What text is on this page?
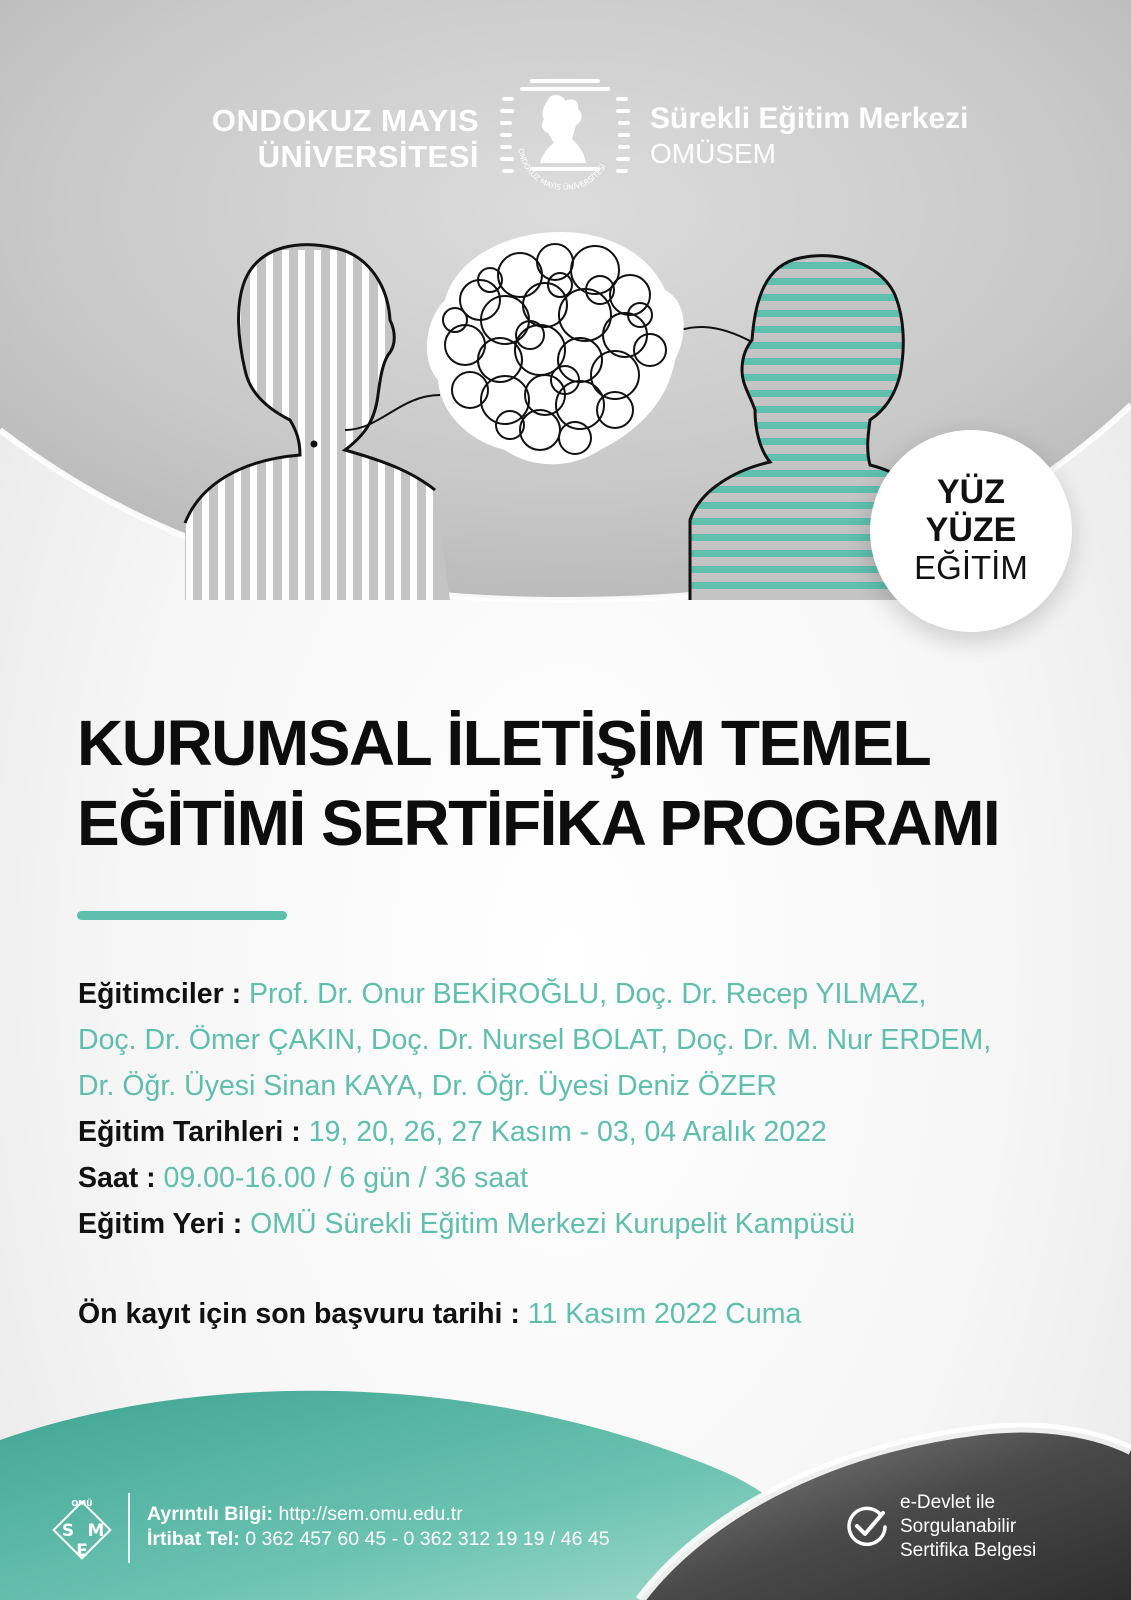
ONDOKUZ MAYIS
ÜNİVERSİTESİ	ONDOKUZ MAYIS ÜNİVERSİTESİ
Sürekli Eğitim Merkezi
OMÜSEM
YÜZ
YÜZE
EĞİTİM
KURUMSAL İLETİŞİM TEMEL
EĞİTİMİ SERTİFİKA PROGRAMI
Eğitimciler : Prof. Dr. Onur BEKİROĞLU, Doç. Dr. Recep YILMAZ,
Doç. Dr. Ömer ÇAKIN, Doç. Dr. Nursel BOLAT, Doç. Dr. M. Nur ERDEM,
Dr. Öğr. Üyesi Sinan KAYA, Dr. Öğr. Üyesi Deniz ÖZER
Eğitim Tarihleri : 19, 20, 26, 27 Kasım - 03, 04 Aralık 2022
Saat : 09.00-16.00 / 6 gün / 36 saat
Eğitim Yeri : OMÜ Sürekli Eğitim Merkezi Kurupelit Kampüsü
Ön kayıt için son başvuru tarihi : 11 Kasım 2022 Cuma
OMÜ
S M
E
Ayrıntılı Bilgi: http://sem.omu.edu.tr
İrtibat Tel: 0 362 457 60 45 - 0 362 312 19 19 / 46 45
e-Devlet ile
Sorgulanabilir
Sertifika Belgesi
